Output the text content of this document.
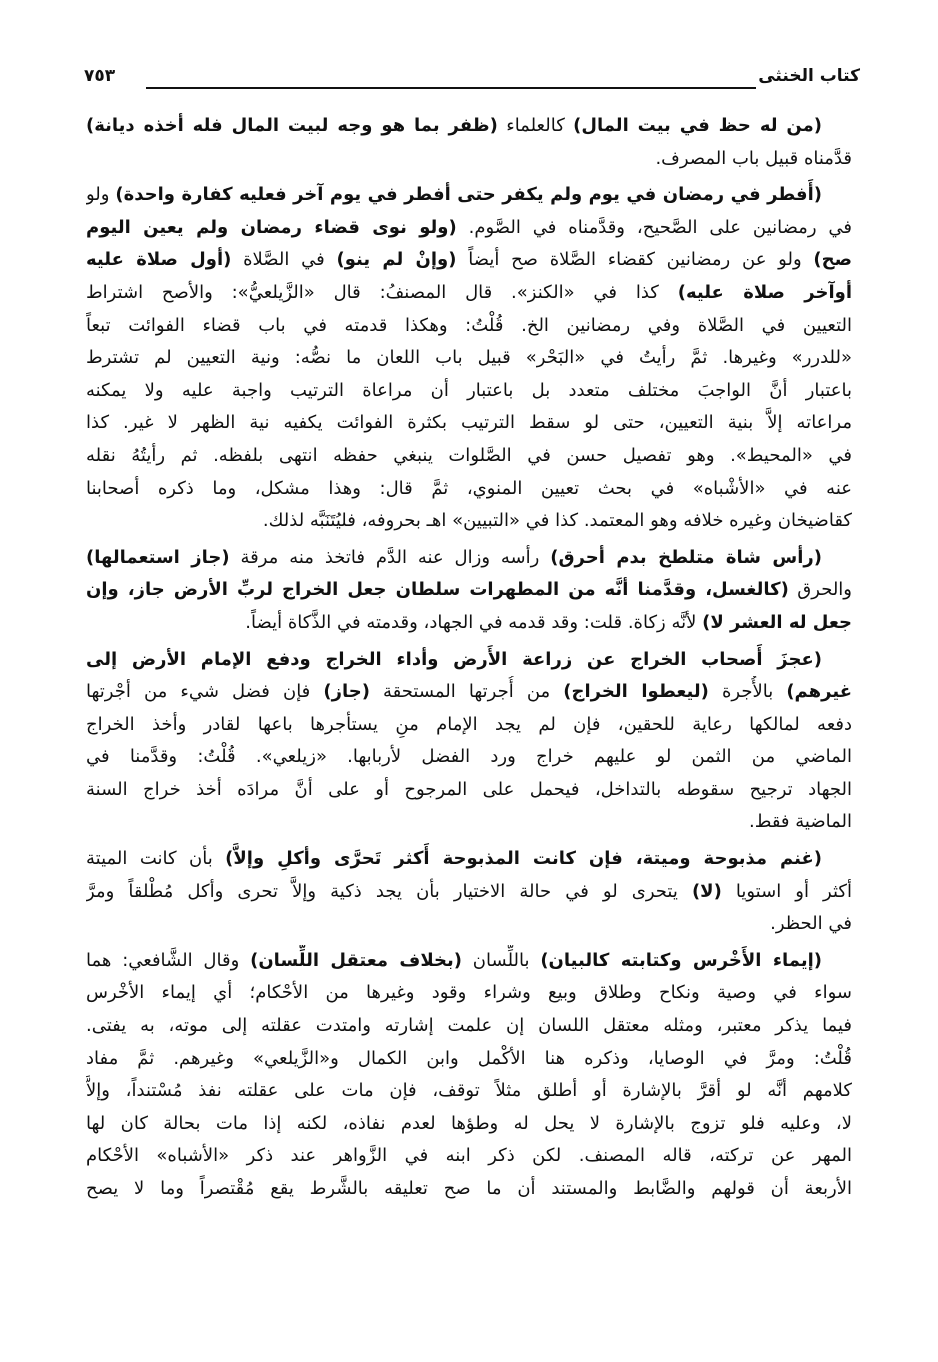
كتاب الخنثى
٧٥٣
(من له حظ في بيت المال) كالعلماء (ظفر بما هو وجه لبيت المال فله أخذه ديانة)
قدَّمناه قبيل باب المصرف.
(أَفطر في رمضان في يوم ولم يكفر حتى أفطر في يوم آخر فعليه كفارة واحدة) ولو
في رمضانين على الصَّحيح، وقدَّمناه في الصَّوم. (ولو نوى قضاء رمضان ولم يعين اليوم
صح) ولو عن رمضانين كقضاء الصَّلاة صح أيضاً (وإنْ لم ينو) في الصَّلاة (أول صلاة عليه
أوآخر صلاة عليه) كذا في «الكنز». قال المصنفُ: قال «الزَّيلعيُّ»: والأصح اشتراط
التعيين في الصَّلاة وفي رمضانين الخ. قُلْتُ: وهكذا قدمته في باب قضاء الفوائت تبعاً
«للدرر» وغيرها. ثمَّ رأيتُ في «البَحْر» قبيل باب اللعان ما نصُّه: ونية التعيين لم تشترط
باعتبار أنَّ الواجبَ مختلف متعدد بل باعتبار أن مراعاة الترتيب واجبة عليه ولا يمكنه
مراعاته إلاَّ بنية التعيين، حتى لو سقط الترتيب بكثرة الفوائت يكفيه نية الظهر لا غير. كذا
في «المحيط». وهو تفصيل حسن في الصَّلوات ينبغي حفظه انتهى بلفظه. ثم رأيتُهُ نقله
عنه في «الأشْباه» في بحث تعيين المنوي، ثمَّ قال: وهذا مشكل، وما ذكره أصحابنا
كقاضيخان وغيره خلافه وهو المعتمد. كذا في «التبيين» اهـ بحروفه، فليُتَنَبَّه لذلك.
(رأس شاة متلطخ بدم أحرق) رأسه وزال عنه الدَّم فاتخذ منه مرقة (جاز استعمالها)
والحرق (كالغسل، وقدَّمنا أنَّه من المطهرات سلطان جعل الخراج لربِّ الأرض جاز، وإن
جعل له العشر لا) لأنَّه زكاة. قلت: وقد قدمه في الجهاد، وقدمته في الذَّكاة أيضاً.
(عجزَ أَصحاب الخراج عن زراعة الأَرض وأداء الخراج ودفع الإمام الأرض إلى
غيرهم) بالأُجرة (ليعطوا الخراج) من أُجرتها المستحقة (جاز) فإن فضل شيء من أجْرتها
دفعه لمالكها رعاية للحقين، فإن لم يجد الإمام منِ يستأجرها باعها لقادر وأخذ الخراج
الماضي من الثمن لو عليهم خراج ورد الفضل لأربابها. «زيلعي». قُلْتُ: وقدَّمنا في
الجهاد ترجيح سقوطه بالتداخل، فيحمل على المرجوح أو على أنَّ مرادَه أخذ خراج السنة
الماضية فقط.
(غنم مذبوحة وميتة، فإن كانت المذبوحة أَكثر تَحرَّى وأكلِ وإلاَّ) بأن كانت الميتة
أكثر أو استويا (لا) يتحرى لو في حالة الاختيار بأن يجد ذكية وإلاَّ تحرى وأكل مُطْلقاً ومرَّ
في الحظر.
(إيماء الأَخْرس وكتابته كالبيان) باللِّسان (بخلاف معتقل اللِّسان) وقال الشَّافعي: هما
سواء في وصية ونكاح وطلاق وبيع وشراء وقود وغيرها من الأحْكام؛ أي إيماء الأخْرس
فيما يذكر معتبر، ومثله معتقل اللسان إن علمت إشارته وامتدت عقلته إلى موته، به يفتى.
قُلْتُ: ومرَّ في الوصايا، وذكره هنا الأكْمل وابن الكمال و«الزَّيلعي» وغيرهم. ثمَّ مفاد
كلامهم أنَّه لو أقرَّ بالإشارة أو أطلق مثلاً توقف، فإن مات على عقلته نفذ مُسْتنداً، وإلاَّ
لا، وعليه فلو تزوج بالإشارة لا يحل له وطؤها لعدم نفاذه، لكنه إذا مات بحالة كان لها
المهر عن تركته، قاله المصنف. لكن ذكر ابنه في الزَّواهر عند ذكر «الأشباه» الأحْكام
الأربعة أن قولهم والضَّابط والمستند أن ما صح تعليقه بالشَّرط يقع مُقْتصراً وما لا يصح
